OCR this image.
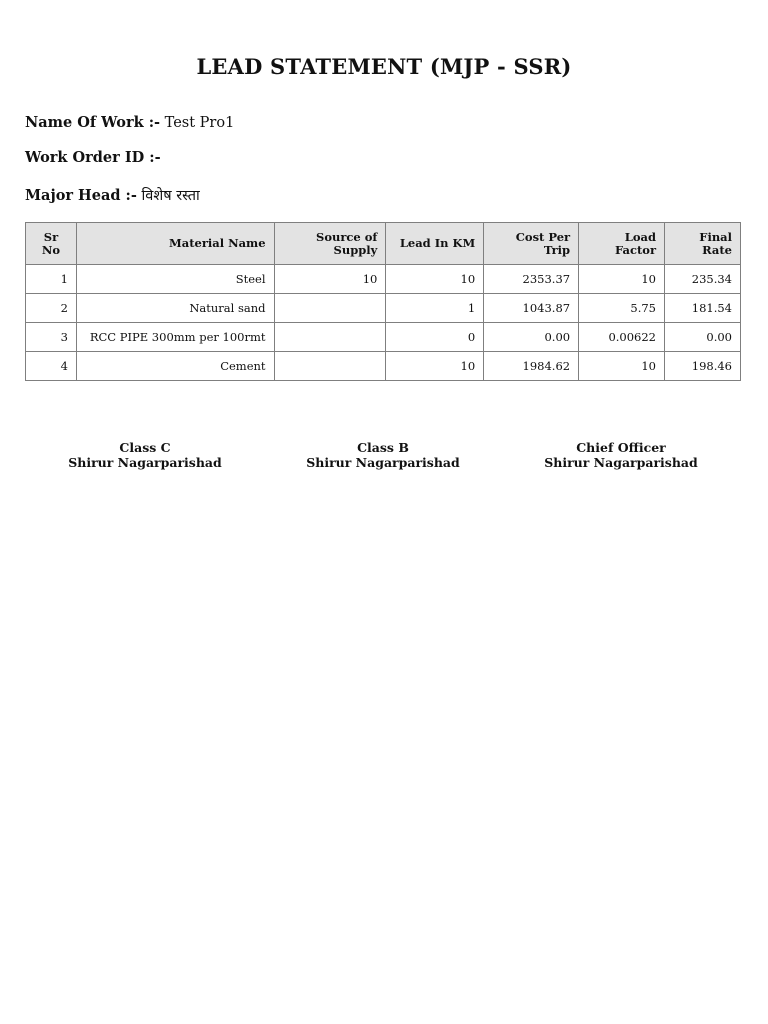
LEAD STATEMENT (MJP - SSR)
Name Of Work :- Test Pro1
Work Order ID :-
Major Head :- विशेष रस्ता
Sr No	Material Name	Source of Supply	Lead In KM	Cost Per Trip	Load Factor	Final Rate
1	Steel	10	10	2353.37	10	235.34
2	Natural sand		1	1043.87	5.75	181.54
3	RCC PIPE 300mm per 100rmt		0	0.00	0.00622	0.00
4	Cement		10	1984.62	10	198.46
Class C
Shirur Nagarparishad
Class B
Shirur Nagarparishad
Chief Officer
Shirur Nagarparishad
